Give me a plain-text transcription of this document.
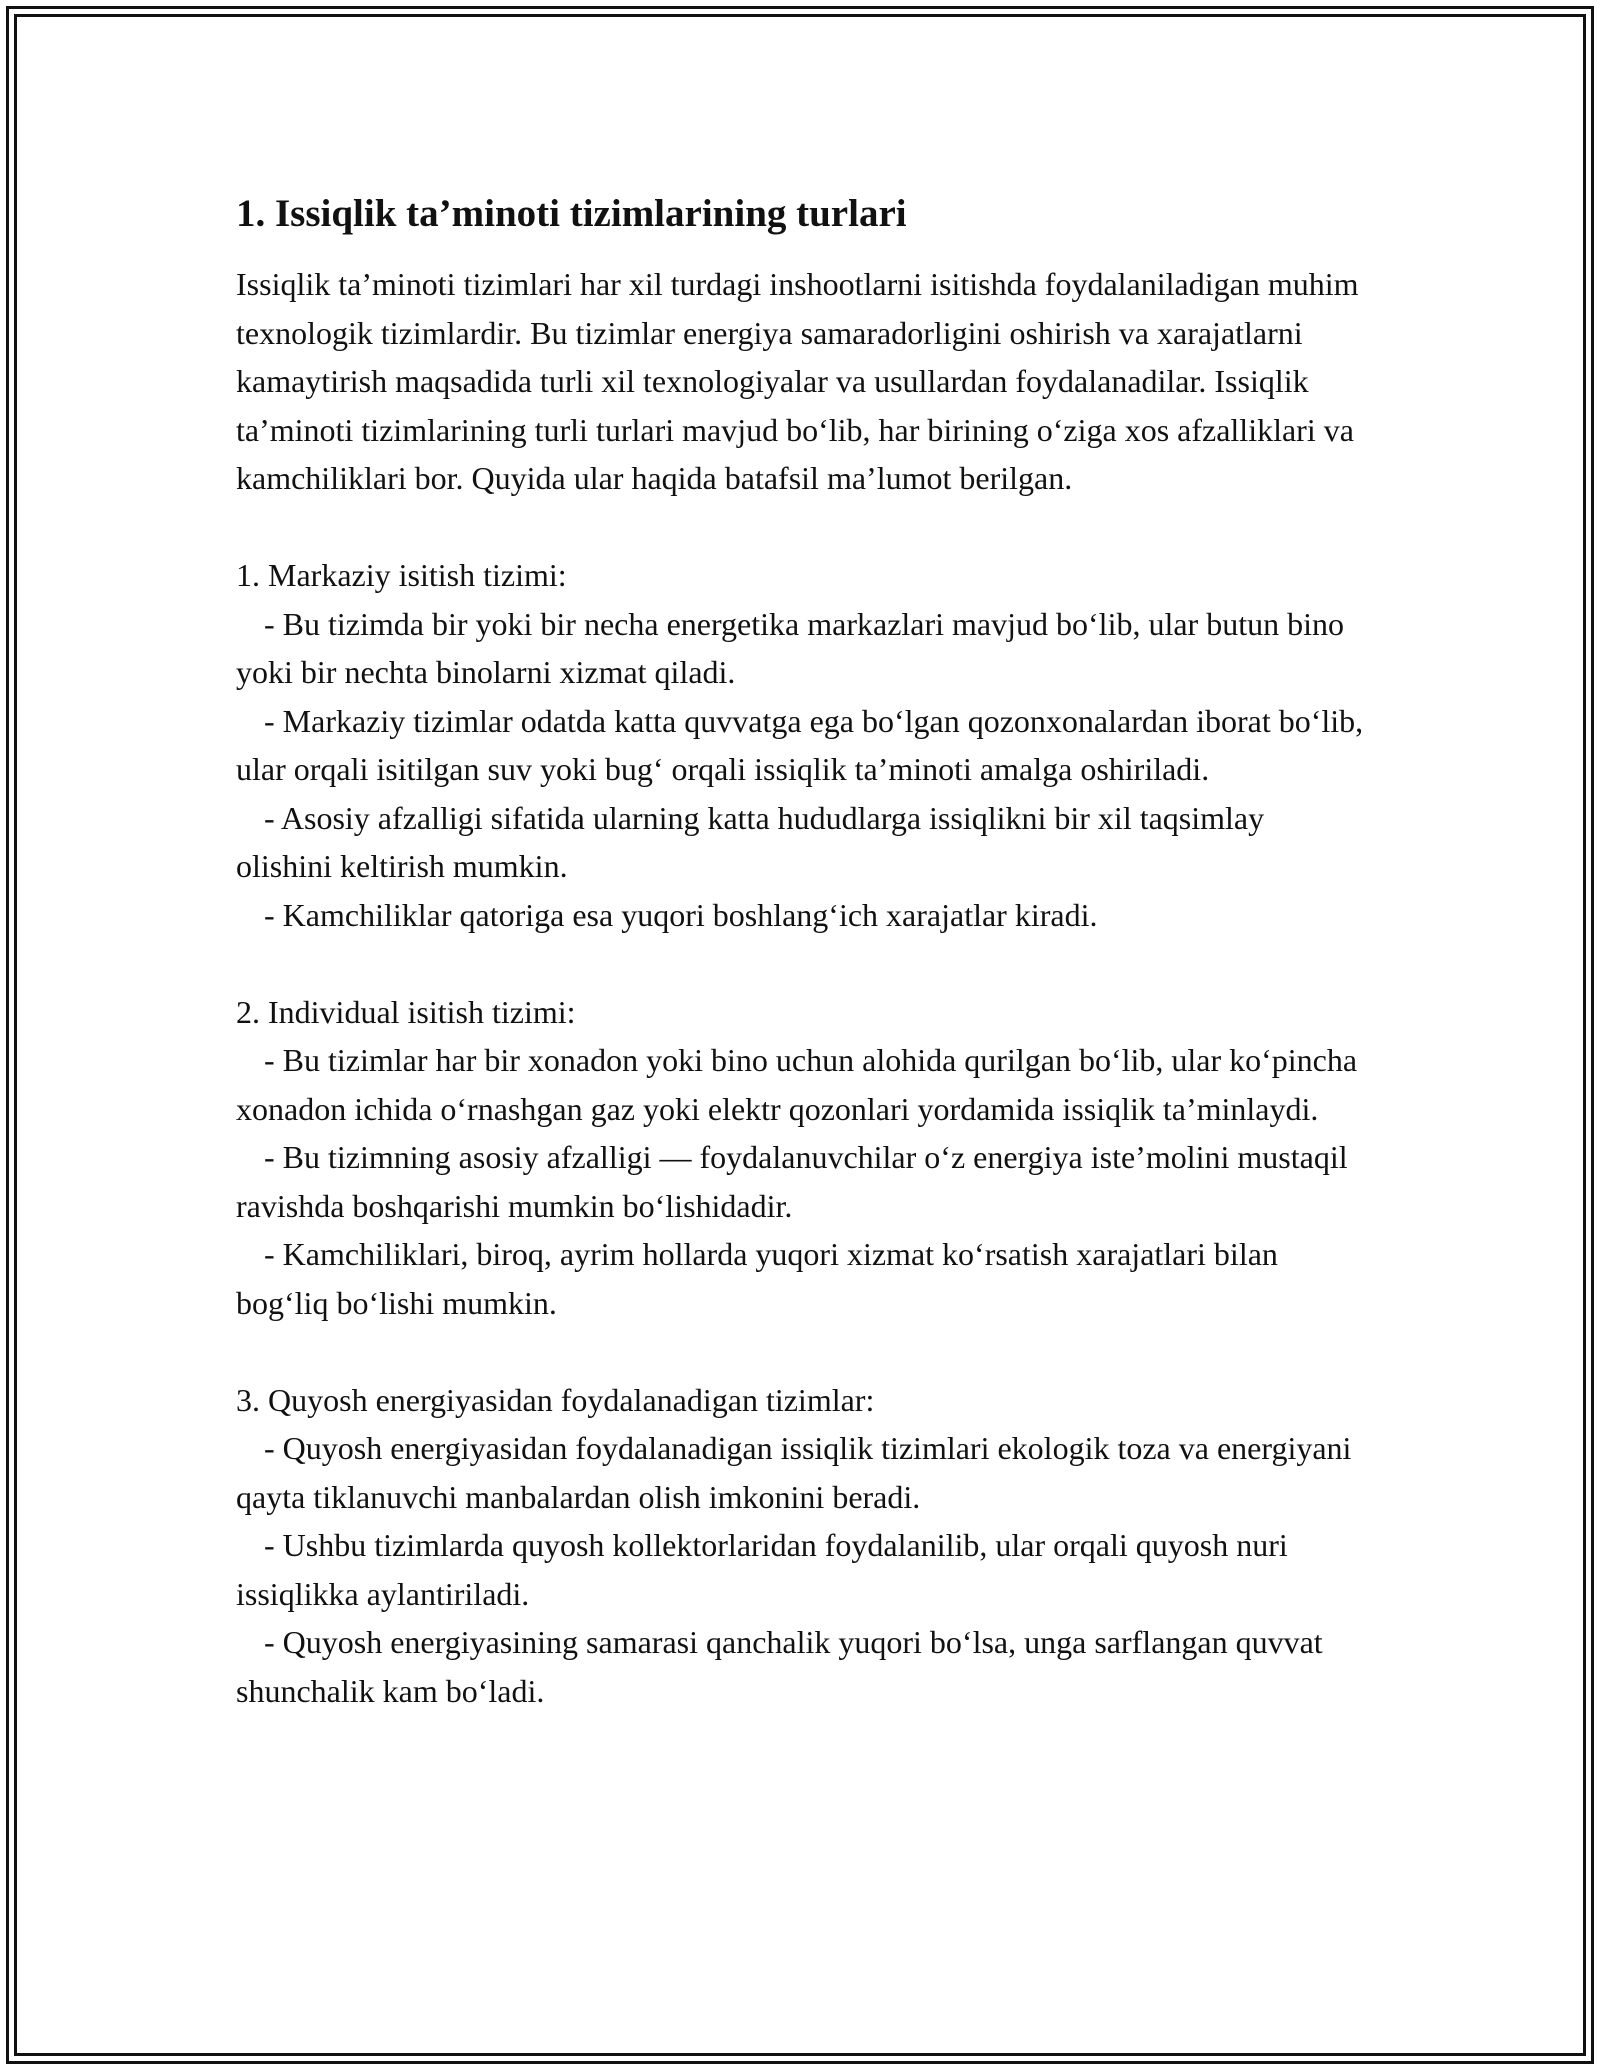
1. Issiqlik ta’minoti tizimlarining turlari

Issiqlik ta’minoti tizimlari har xil turdagi inshootlarni isitishda foydalaniladigan muhim texnologik tizimlardir. Bu tizimlar energiya samaradorligini oshirish va xarajatlarni kamaytirish maqsadida turli xil texnologiyalar va usullardan foydalanadilar. Issiqlik ta’minoti tizimlarining turli turlari mavjud bo‘lib, har birining o‘ziga xos afzalliklari va kamchiliklari bor. Quyida ular haqida batafsil ma’lumot berilgan.

1. Markaziy isitish tizimi:
- Bu tizimda bir yoki bir necha energetika markazlari mavjud bo‘lib, ular butun bino yoki bir nechta binolarni xizmat qiladi.
- Markaziy tizimlar odatda katta quvvatga ega bo‘lgan qozonxonalardan iborat bo‘lib, ular orqali isitilgan suv yoki bug‘ orqali issiqlik ta’minoti amalga oshiriladi.
- Asosiy afzalligi sifatida ularning katta hududlarga issiqlikni bir xil taqsimlay olishini keltirish mumkin.
- Kamchiliklar qatoriga esa yuqori boshlang‘ich xarajatlar kiradi.
2. Individual isitish tizimi:
- Bu tizimlar har bir xonadon yoki bino uchun alohida qurilgan bo‘lib, ular ko‘pincha xonadon ichida o‘rnashgan gaz yoki elektr qozonlari yordamida issiqlik ta’minlaydi.
- Bu tizimning asosiy afzalligi — foydalanuvchilar o‘z energiya iste’molini mustaqil ravishda boshqarishi mumkin bo‘lishidadir.
- Kamchiliklari, biroq, ayrim hollarda yuqori xizmat ko‘rsatish xarajatlari bilan bog‘liq bo‘lishi mumkin.
3. Quyosh energiyasidan foydalanadigan tizimlar:
- Quyosh energiyasidan foydalanadigan issiqlik tizimlari ekologik toza va energiyani qayta tiklanuvchi manbalardan olish imkonini beradi.
- Ushbu tizimlarda quyosh kollektorlaridan foydalanilib, ular orqali quyosh nuri issiqlikka aylantiriladi.
- Quyosh energiyasining samarasi qanchalik yuqori bo‘lsa, unga sarflangan quvvat shunchalik kam bo‘ladi.
